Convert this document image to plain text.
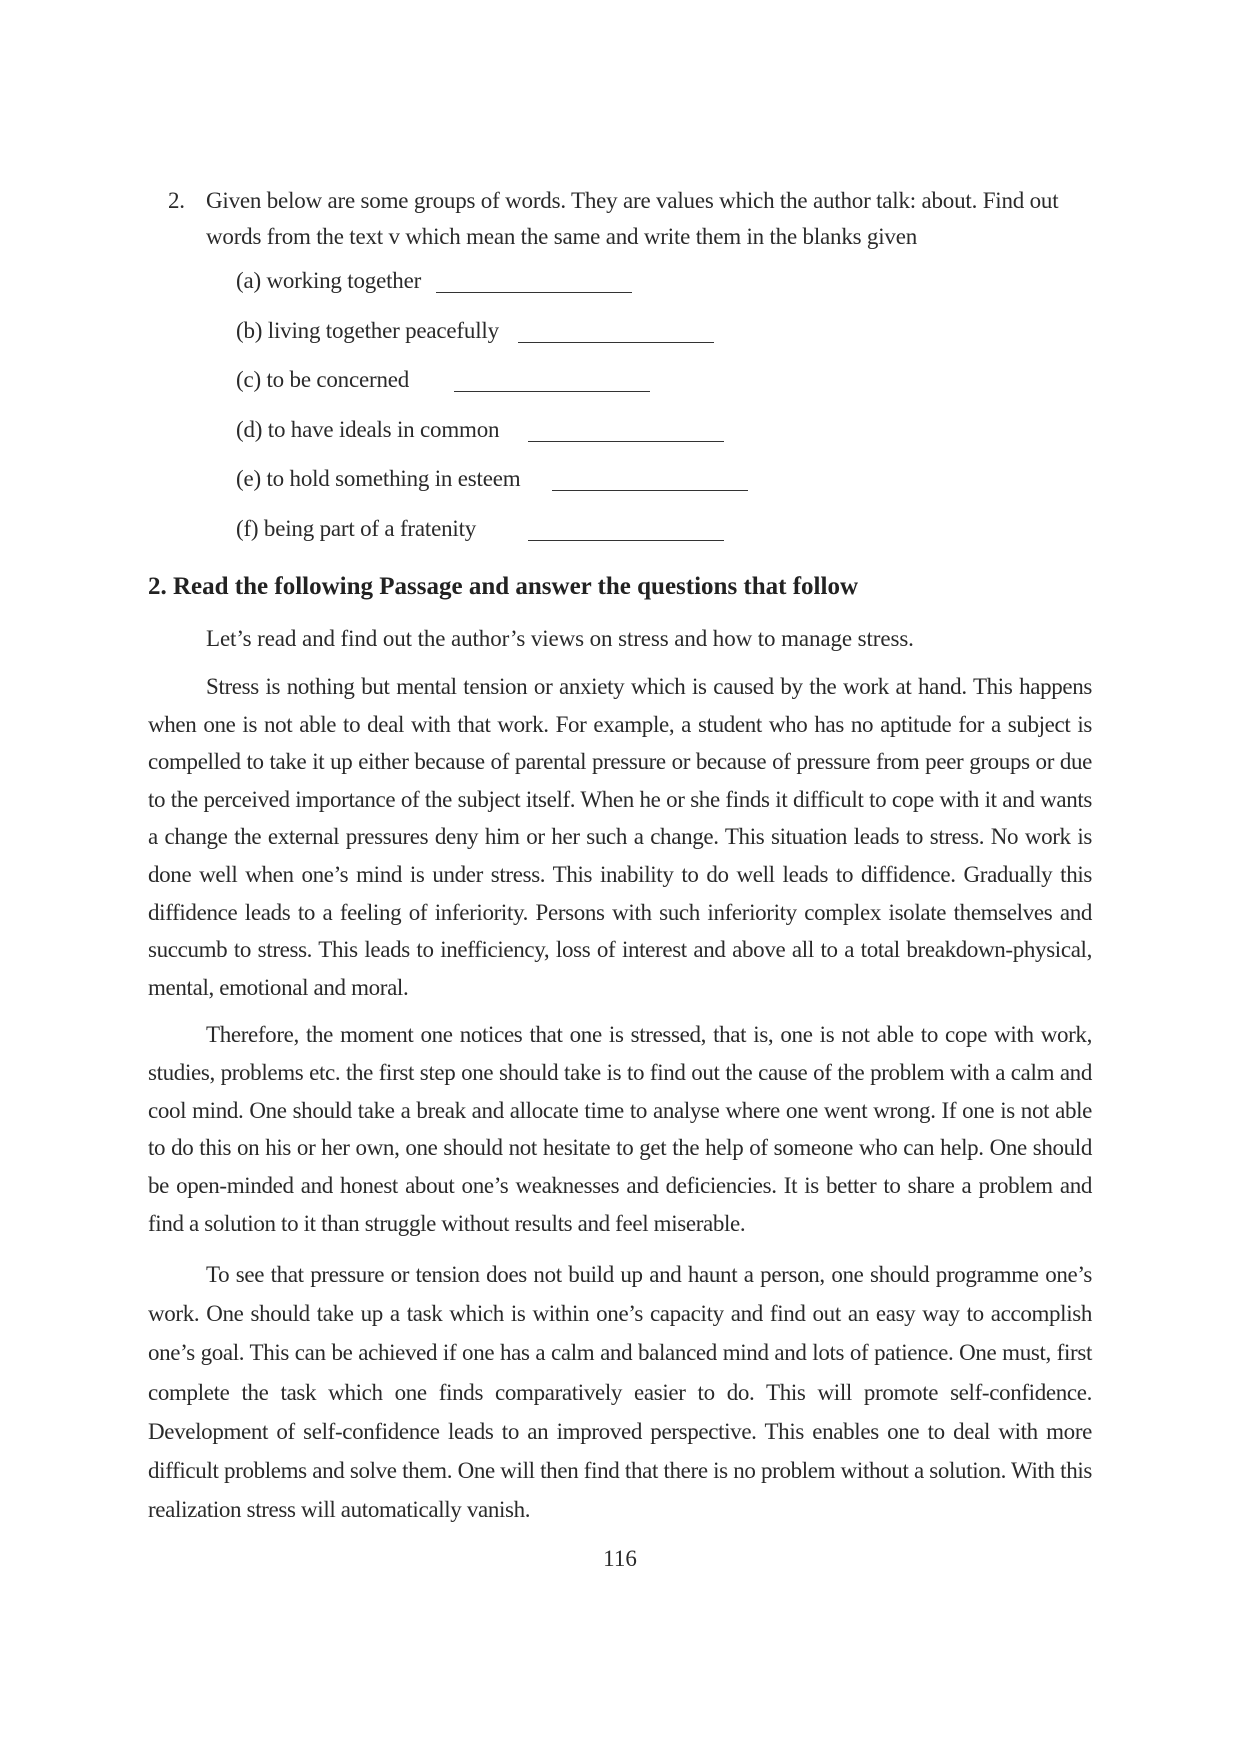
2. Given below are some groups of words. They are values which the author talk: about. Find out
words from the text v which mean the same and write them in the blanks given
(a) working together
(b) living together peacefully
(c) to be concerned
(d) to have ideals in common
(e) to hold something in esteem
(f) being part of a fratenity
2. Read the following Passage and answer the questions that follow
Let’s read and find out the author’s views on stress and how to manage stress.

Stress is nothing but mental tension or anxiety which is caused by the work at hand. This happens when one is not able to deal with that work. For example, a student who has no aptitude for a subject is compelled to take it up either because of parental pressure or because of pressure from peer groups or due to the perceived importance of the subject itself. When he or she finds it difficult to cope with it and wants a change the external pressures deny him or her such a change. This situation leads to stress. No work is done well when one’s mind is under stress. This inability to do well leads to diffidence. Gradually this diffidence leads to a feeling of inferiority. Persons with such inferiority complex isolate themselves and succumb to stress. This leads to inefficiency, loss of interest and above all to a total breakdown-physical, mental, emotional and moral.

Therefore, the moment one notices that one is stressed, that is, one is not able to cope with work, studies, problems etc. the first step one should take is to find out the cause of the problem with a calm and cool mind. One should take a break and allocate time to analyse where one went wrong. If one is not able to do this on his or her own, one should not hesitate to get the help of someone who can help. One should be open-minded and honest about one’s weaknesses and deficiencies. It is better to share a problem and find a solution to it than struggle without results and feel miserable.

To see that pressure or tension does not build up and haunt a person, one should programme one’s work. One should take up a task which is within one’s capacity and find out an easy way to accomplish one’s goal. This can be achieved if one has a calm and balanced mind and lots of patience. One must, first complete the task which one finds comparatively easier to do. This will promote self-confidence. Development of self-confidence leads to an improved perspective. This enables one to deal with more difficult problems and solve them. One will then find that there is no problem without a solution. With this realization stress will automatically vanish.

116
